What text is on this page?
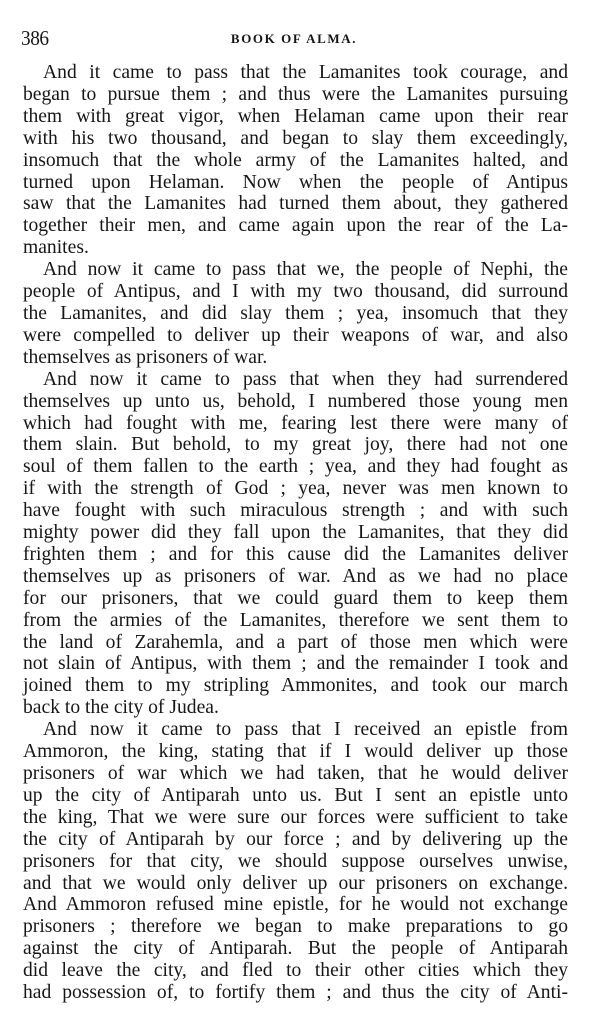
386	BOOK OF ALMA.
And it came to pass that the Lamanites took courage, and
began to pursue them ; and thus were the Lamanites pursuing
them with great vigor, when Helaman came upon their rear
with his two thousand, and began to slay them exceedingly,
insomuch that the whole army of the Lamanites halted, and
turned upon Helaman. Now when the people of Antipus
saw that the Lamanites had turned them about, they gathered
together their men, and came again upon the rear of the La-
manites.
And now it came to pass that we, the people of Nephi, the
people of Antipus, and I with my two thousand, did surround
the Lamanites, and did slay them ; yea, insomuch that they
were compelled to deliver up their weapons of war, and also
themselves as prisoners of war.
And now it came to pass that when they had surrendered
themselves up unto us, behold, I numbered those young men
which had fought with me, fearing lest there were many of
them slain. But behold, to my great joy, there had not one
soul of them fallen to the earth ; yea, and they had fought as
if with the strength of God ; yea, never was men known to
have fought with such miraculous strength ; and with such
mighty power did they fall upon the Lamanites, that they did
frighten them ; and for this cause did the Lamanites deliver
themselves up as prisoners of war. And as we had no place
for our prisoners, that we could guard them to keep them
from the armies of the Lamanites, therefore we sent them to
the land of Zarahemla, and a part of those men which were
not slain of Antipus, with them ; and the remainder I took and
joined them to my stripling Ammonites, and took our march
back to the city of Judea.
And now it came to pass that I received an epistle from
Ammoron, the king, stating that if I would deliver up those
prisoners of war which we had taken, that he would deliver
up the city of Antiparah unto us. But I sent an epistle unto
the king, That we were sure our forces were sufficient to take
the city of Antiparah by our force ; and by delivering up the
prisoners for that city, we should suppose ourselves unwise,
and that we would only deliver up our prisoners on exchange.
And Ammoron refused mine epistle, for he would not exchange
prisoners ; therefore we began to make preparations to go
against the city of Antiparah. But the people of Antiparah
did leave the city, and fled to their other cities which they
had possession of, to fortify them ; and thus the city of Anti-
